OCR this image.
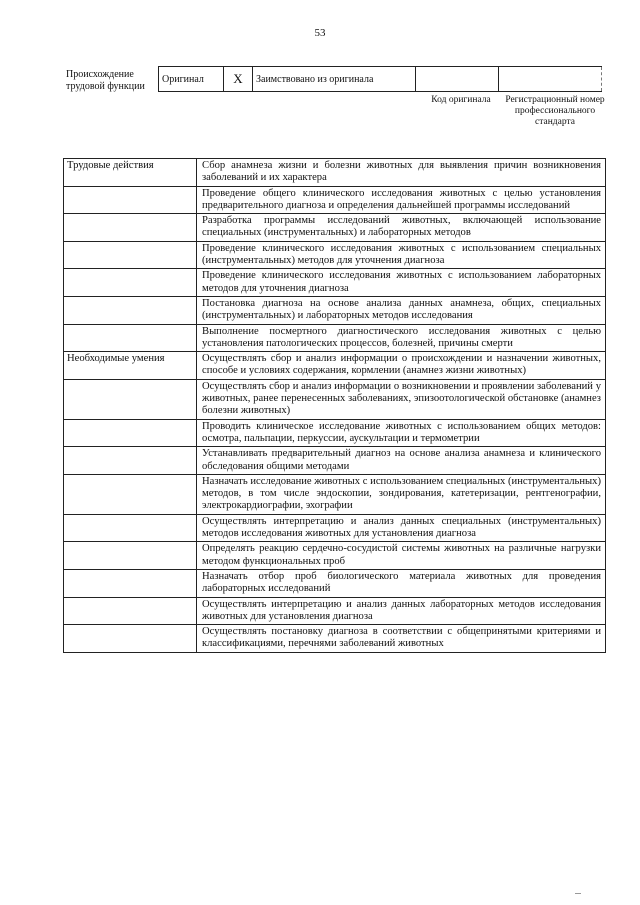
53
Происхождение трудовой функции
Оригинал	X	Заимствовано из оригинала		
Код оригинала	Регистрационный номер профессионального стандарта
Трудовые действия	Сбор анамнеза жизни и болезни животных для выявления причин возникновения заболеваний и их характера
	Проведение общего клинического исследования животных с целью установления предварительного диагноза и определения дальнейшей программы исследований
	Разработка программы исследований животных, включающей использование специальных (инструментальных) и лабораторных методов
	Проведение клинического исследования животных с использованием специальных (инструментальных) методов для уточнения диагноза
	Проведение клинического исследования животных с использованием лабораторных методов для уточнения диагноза
	Постановка диагноза на основе анализа данных анамнеза, общих, специальных (инструментальных) и лабораторных методов исследования
	Выполнение посмертного диагностического исследования животных с целью установления патологических процессов, болезней, причины смерти
Необходимые умения	Осуществлять сбор и анализ информации о происхождении и назначении животных, способе и условиях содержания, кормлении (анамнез жизни животных)
	Осуществлять сбор и анализ информации о возникновении и проявлении заболеваний у животных, ранее перенесенных заболеваниях, эпизоотологической обстановке (анамнез болезни животных)
	Проводить клиническое исследование животных с использованием общих методов: осмотра, пальпации, перкуссии, аускультации и термометрии
	Устанавливать предварительный диагноз на основе анализа анамнеза и клинического обследования общими методами
	Назначать исследование животных с использованием специальных (инструментальных) методов, в том числе эндоскопии, зондирования, катетеризации, рентгенографии, электрокардиографии, эхографии
	Осуществлять интерпретацию и анализ данных специальных (инструментальных) методов исследования животных для установления диагноза
	Определять реакцию сердечно-сосудистой системы животных на различные нагрузки методом функциональных проб
	Назначать отбор проб биологического материала животных для проведения лабораторных исследований
	Осуществлять интерпретацию и анализ данных лабораторных методов исследования животных для установления диагноза
	Осуществлять постановку диагноза в соответствии с общепринятыми критериями и классификациями, перечнями заболеваний животных
